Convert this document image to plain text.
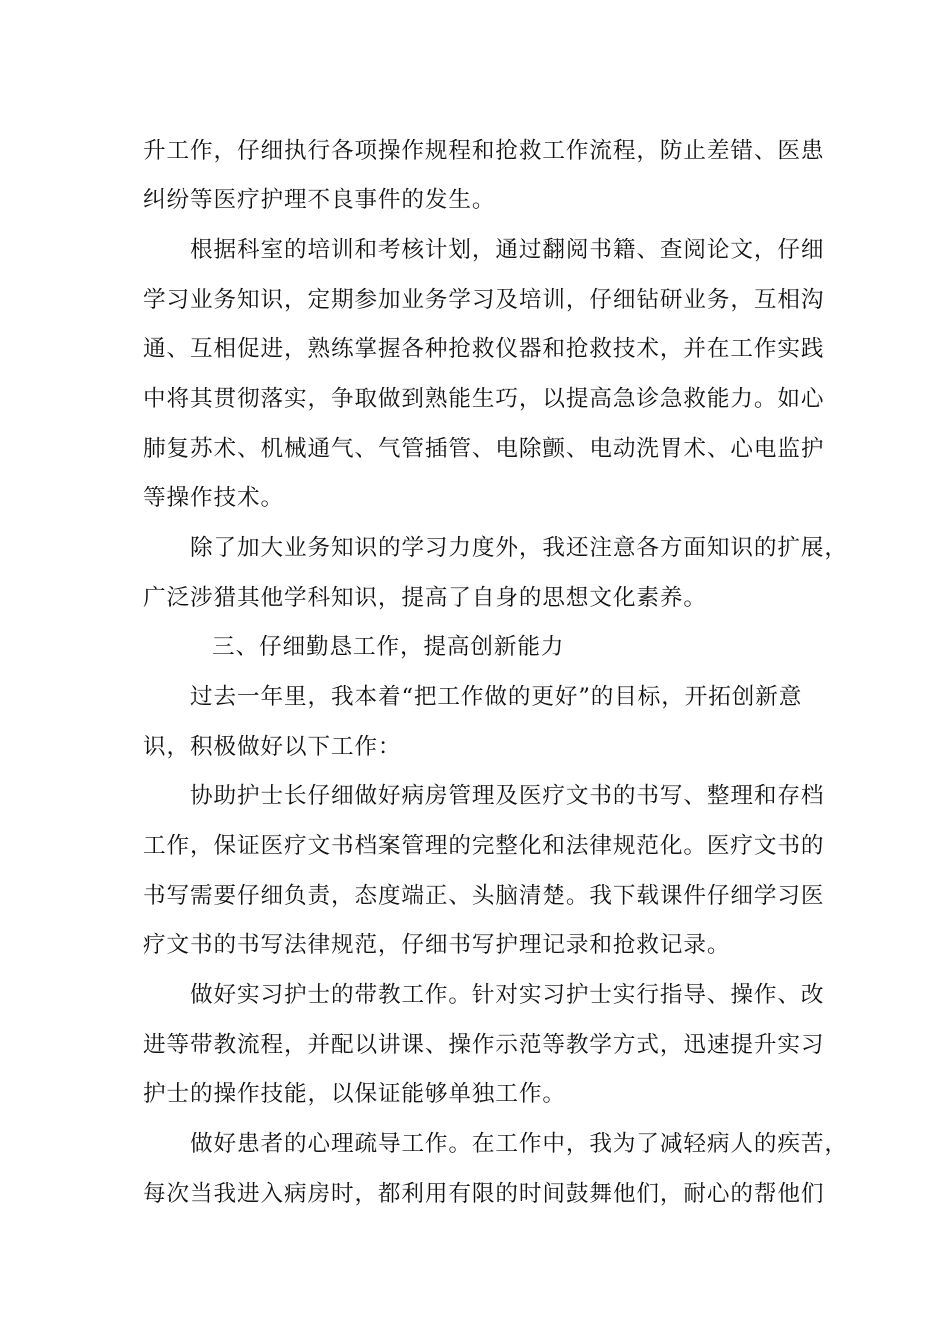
升工作，仔细执行各项操作规程和抢救工作流程，防止差错、医患
纠纷等医疗护理不良事件的发生。
根据科室的培训和考核计划，通过翻阅书籍、查阅论文，仔细
学习业务知识，定期参加业务学习及培训，仔细钻研业务，互相沟
通、互相促进，熟练掌握各种抢救仪器和抢救技术，并在工作实践
中将其贯彻落实，争取做到熟能生巧，以提高急诊急救能力。如心
肺复苏术、机械通气、气管插管、电除颤、电动洗胃术、心电监护
等操作技术。
除了加大业务知识的学习力度外，我还注意各方面知识的扩展，
广泛涉猎其他学科知识，提高了自身的思想文化素养。
三、仔细勤恳工作，提高创新能力
过去一年里，我本着“把工作做的更好”的目标，开拓创新意
识，积极做好以下工作：
协助护士长仔细做好病房管理及医疗文书的书写、整理和存档
工作，保证医疗文书档案管理的完整化和法律规范化。医疗文书的
书写需要仔细负责，态度端正、头脑清楚。我下载课件仔细学习医
疗文书的书写法律规范，仔细书写护理记录和抢救记录。
做好实习护士的带教工作。针对实习护士实行指导、操作、改
进等带教流程，并配以讲课、操作示范等教学方式，迅速提升实习
护士的操作技能，以保证能够单独工作。
做好患者的心理疏导工作。在工作中，我为了减轻病人的疾苦，
每次当我进入病房时，都利用有限的时间鼓舞他们，耐心的帮他们
